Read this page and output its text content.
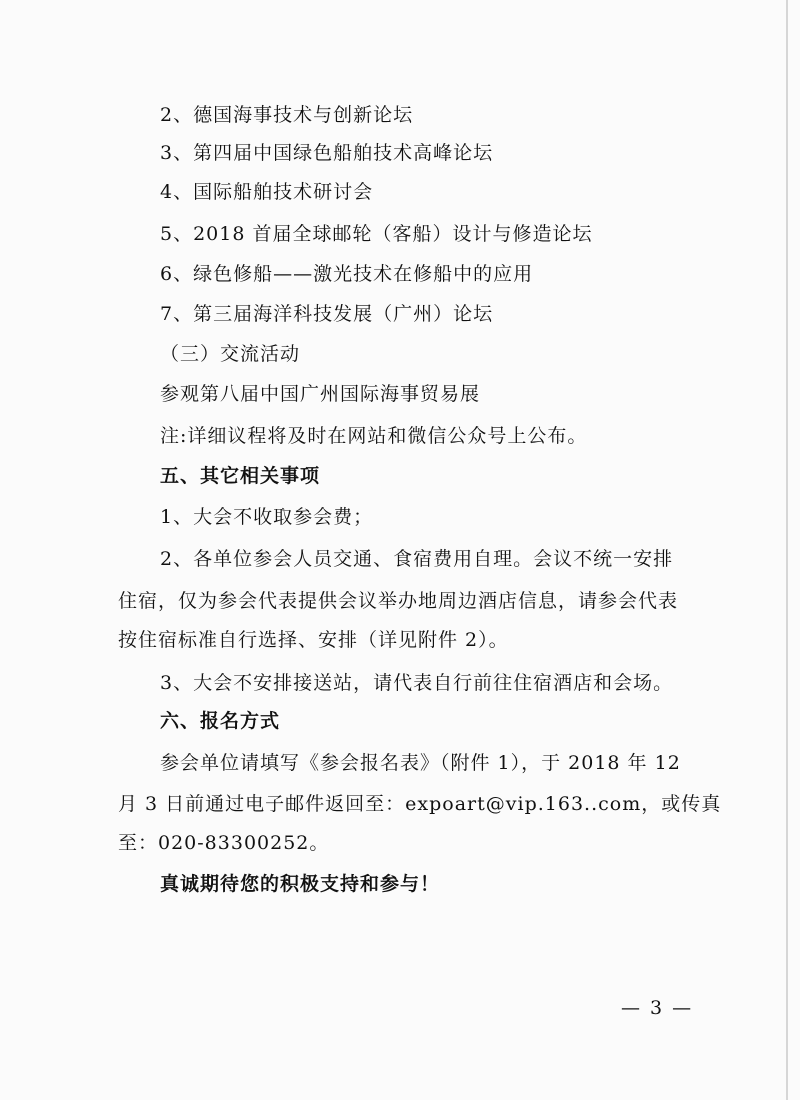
2、德国海事技术与创新论坛
3、第四届中国绿色船舶技术高峰论坛
4、国际船舶技术研讨会
5、2018 首届全球邮轮（客船）设计与修造论坛
6、绿色修船——激光技术在修船中的应用
7、第三届海洋科技发展（广州）论坛
（三）交流活动
参观第八届中国广州国际海事贸易展
注:详细议程将及时在网站和微信公众号上公布。
五、其它相关事项
1、大会不收取参会费；
2、各单位参会人员交通、食宿费用自理。会议不统一安排
住宿，仅为参会代表提供会议举办地周边酒店信息，请参会代表
按住宿标准自行选择、安排（详见附件 2）。
3、大会不安排接送站，请代表自行前往住宿酒店和会场。
六、报名方式
参会单位请填写《参会报名表》（附件 1），于 2018 年 12
月 3 日前通过电子邮件返回至：expoart@vip.163..com，或传真
至：020-83300252。
真诚期待您的积极支持和参与！
— 3 —
